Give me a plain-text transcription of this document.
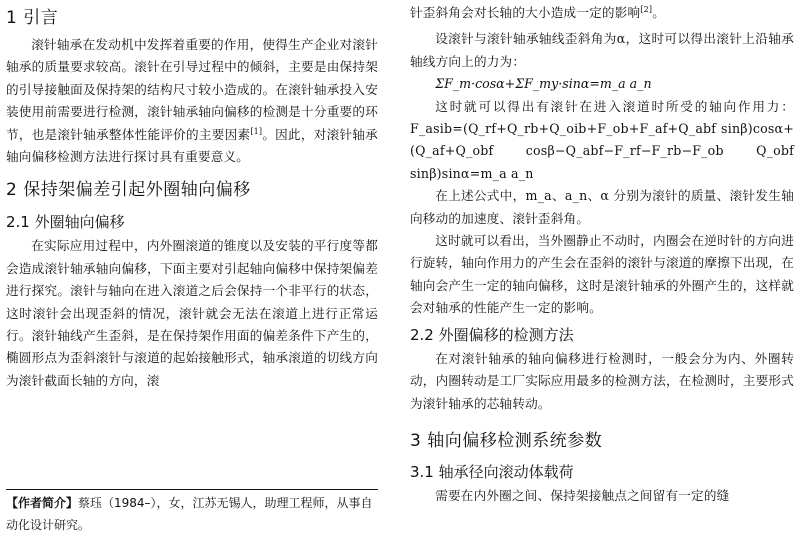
1 引言

滚针轴承在发动机中发挥着重要的作用，使得生产企业对滚针轴承的质量要求较高。滚针在引导过程中的倾斜，主要是由保持架的引导接触面及保持架的结构尺寸较小造成的。在滚针轴承投入安装使用前需要进行检测，滚针轴承轴向偏移的检测是十分重要的环节，也是滚针轴承整体性能评价的主要因素[1]。因此，对滚针轴承轴向偏移检测方法进行探讨具有重要意义。

2 保持架偏差引起外圈轴向偏移
2.1 外圈轴向偏移

在实际应用过程中，内外圈滚道的锥度以及安装的平行度等都会造成滚针轴承轴向偏移，下面主要对引起轴向偏移中保持架偏差进行探究。滚针与轴向在进入滚道之后会保持一个非平行的状态，这时滚针会出现歪斜的情况，滚针就会无法在滚道上进行正常运行。滚针轴线产生歪斜，是在保持架作用面的偏差条件下产生的，椭圆形点为歪斜滚针与滚道的起始接触形式，轴承滚道的切线方向为滚针截面长轴的方向，滚

【作者简介】蔡珏（1984–），女，江苏无锡人，助理工程师，从事自动化设计研究。

针歪斜角会对长轴的大小造成一定的影响[2]。

设滚针与滚针轴承轴线歪斜角为α，这时可以得出滚针上沿轴承轴线方向上的力为：

ΣF_m·cosα+ΣF_my·sinα=m_a a_n

这时就可以得出有滚针在进入滚道时所受的轴向作用力：F_asib=(Q_rf+Q_rb+Q_oib+F_ob+F_af+Q_abf sinβ)cosα+(Q_af+Q_obf cosβ−Q_abf−F_rf−F_rb−F_ob Q_obf sinβ)sinα=m_a a_n

在上述公式中，m_a、a_n、α 分别为滚针的质量、滚针发生轴向移动的加速度、滚针歪斜角。

这时就可以看出，当外圈静止不动时，内圈会在逆时针的方向进行旋转，轴向作用力的产生会在歪斜的滚针与滚道的摩擦下出现，在轴向会产生一定的轴向偏移，这时是滚针轴承的外圈产生的，这样就会对轴承的性能产生一定的影响。

2.2 外圈偏移的检测方法

在对滚针轴承的轴向偏移进行检测时，一般会分为内、外圈转动，内圈转动是工厂实际应用最多的检测方法，在检测时，主要形式为滚针轴承的芯轴转动。

3 轴向偏移检测系统参数
3.1 轴承径向滚动体载荷

需要在内外圈之间、保持架接触点之间留有一定的缝
